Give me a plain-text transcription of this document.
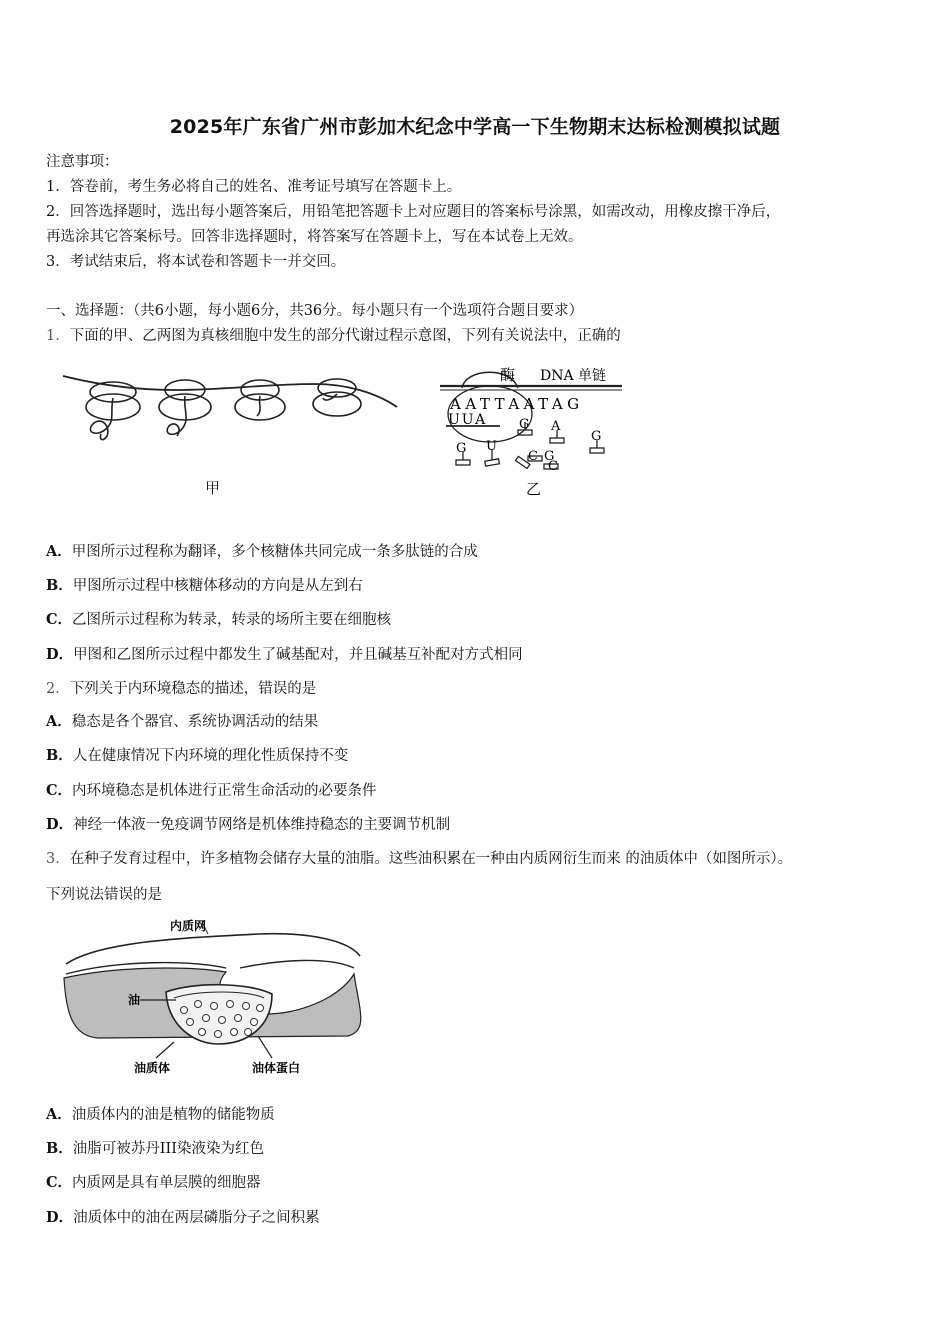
2025年广东省广州市彭加木纪念中学高一下生物期末达标检测模拟试题
注意事项：
1．答卷前，考生务必将自己的姓名、准考证号填写在答题卡上。
2．回答选择题时，选出每小题答案后，用铅笔把答题卡上对应题目的答案标号涂黑，如需改动，用橡皮擦干净后，
再选涂其它答案标号。回答非选择题时，将答案写在答题卡上，写在本试卷上无效。
3．考试结束后，将本试卷和答题卡一并交回。
一、选择题：（共6小题，每小题6分，共36分。每小题只有一个选项符合题目要求）
1．下面的甲、乙两图为真核细胞中发生的部分代谢过程示意图，下列有关说法中，正确的
甲
酶 DNA 单链
AATTAATAG
UUA
G U
G
C G
A
G
C
乙
A．甲图所示过程称为翻译，多个核糖体共同完成一条多肽链的合成
B．甲图所示过程中核糖体移动的方向是从左到右
C．乙图所示过程称为转录，转录的场所主要在细胞核
D．甲图和乙图所示过程中都发生了碱基配对，并且碱基互补配对方式相同
2．下列关于内环境稳态的描述，错误的是
A．稳态是各个器官、系统协调活动的结果
B．人在健康情况下内环境的理化性质保持不变
C．内环境稳态是机体进行正常生命活动的必要条件
D．神经一体液一免疫调节网络是机体维持稳态的主要调节机制
3．在种子发育过程中，许多植物会储存大量的油脂。这些油积累在一种由内质网衍生而来 的油质体中（如图所示）。
下列说法错误的是
内质网
油
油质体	油体蛋白
A．油质体内的油是植物的储能物质
B．油脂可被苏丹III染液染为红色
C．内质网是具有单层膜的细胞器
D．油质体中的油在两层磷脂分子之间积累
